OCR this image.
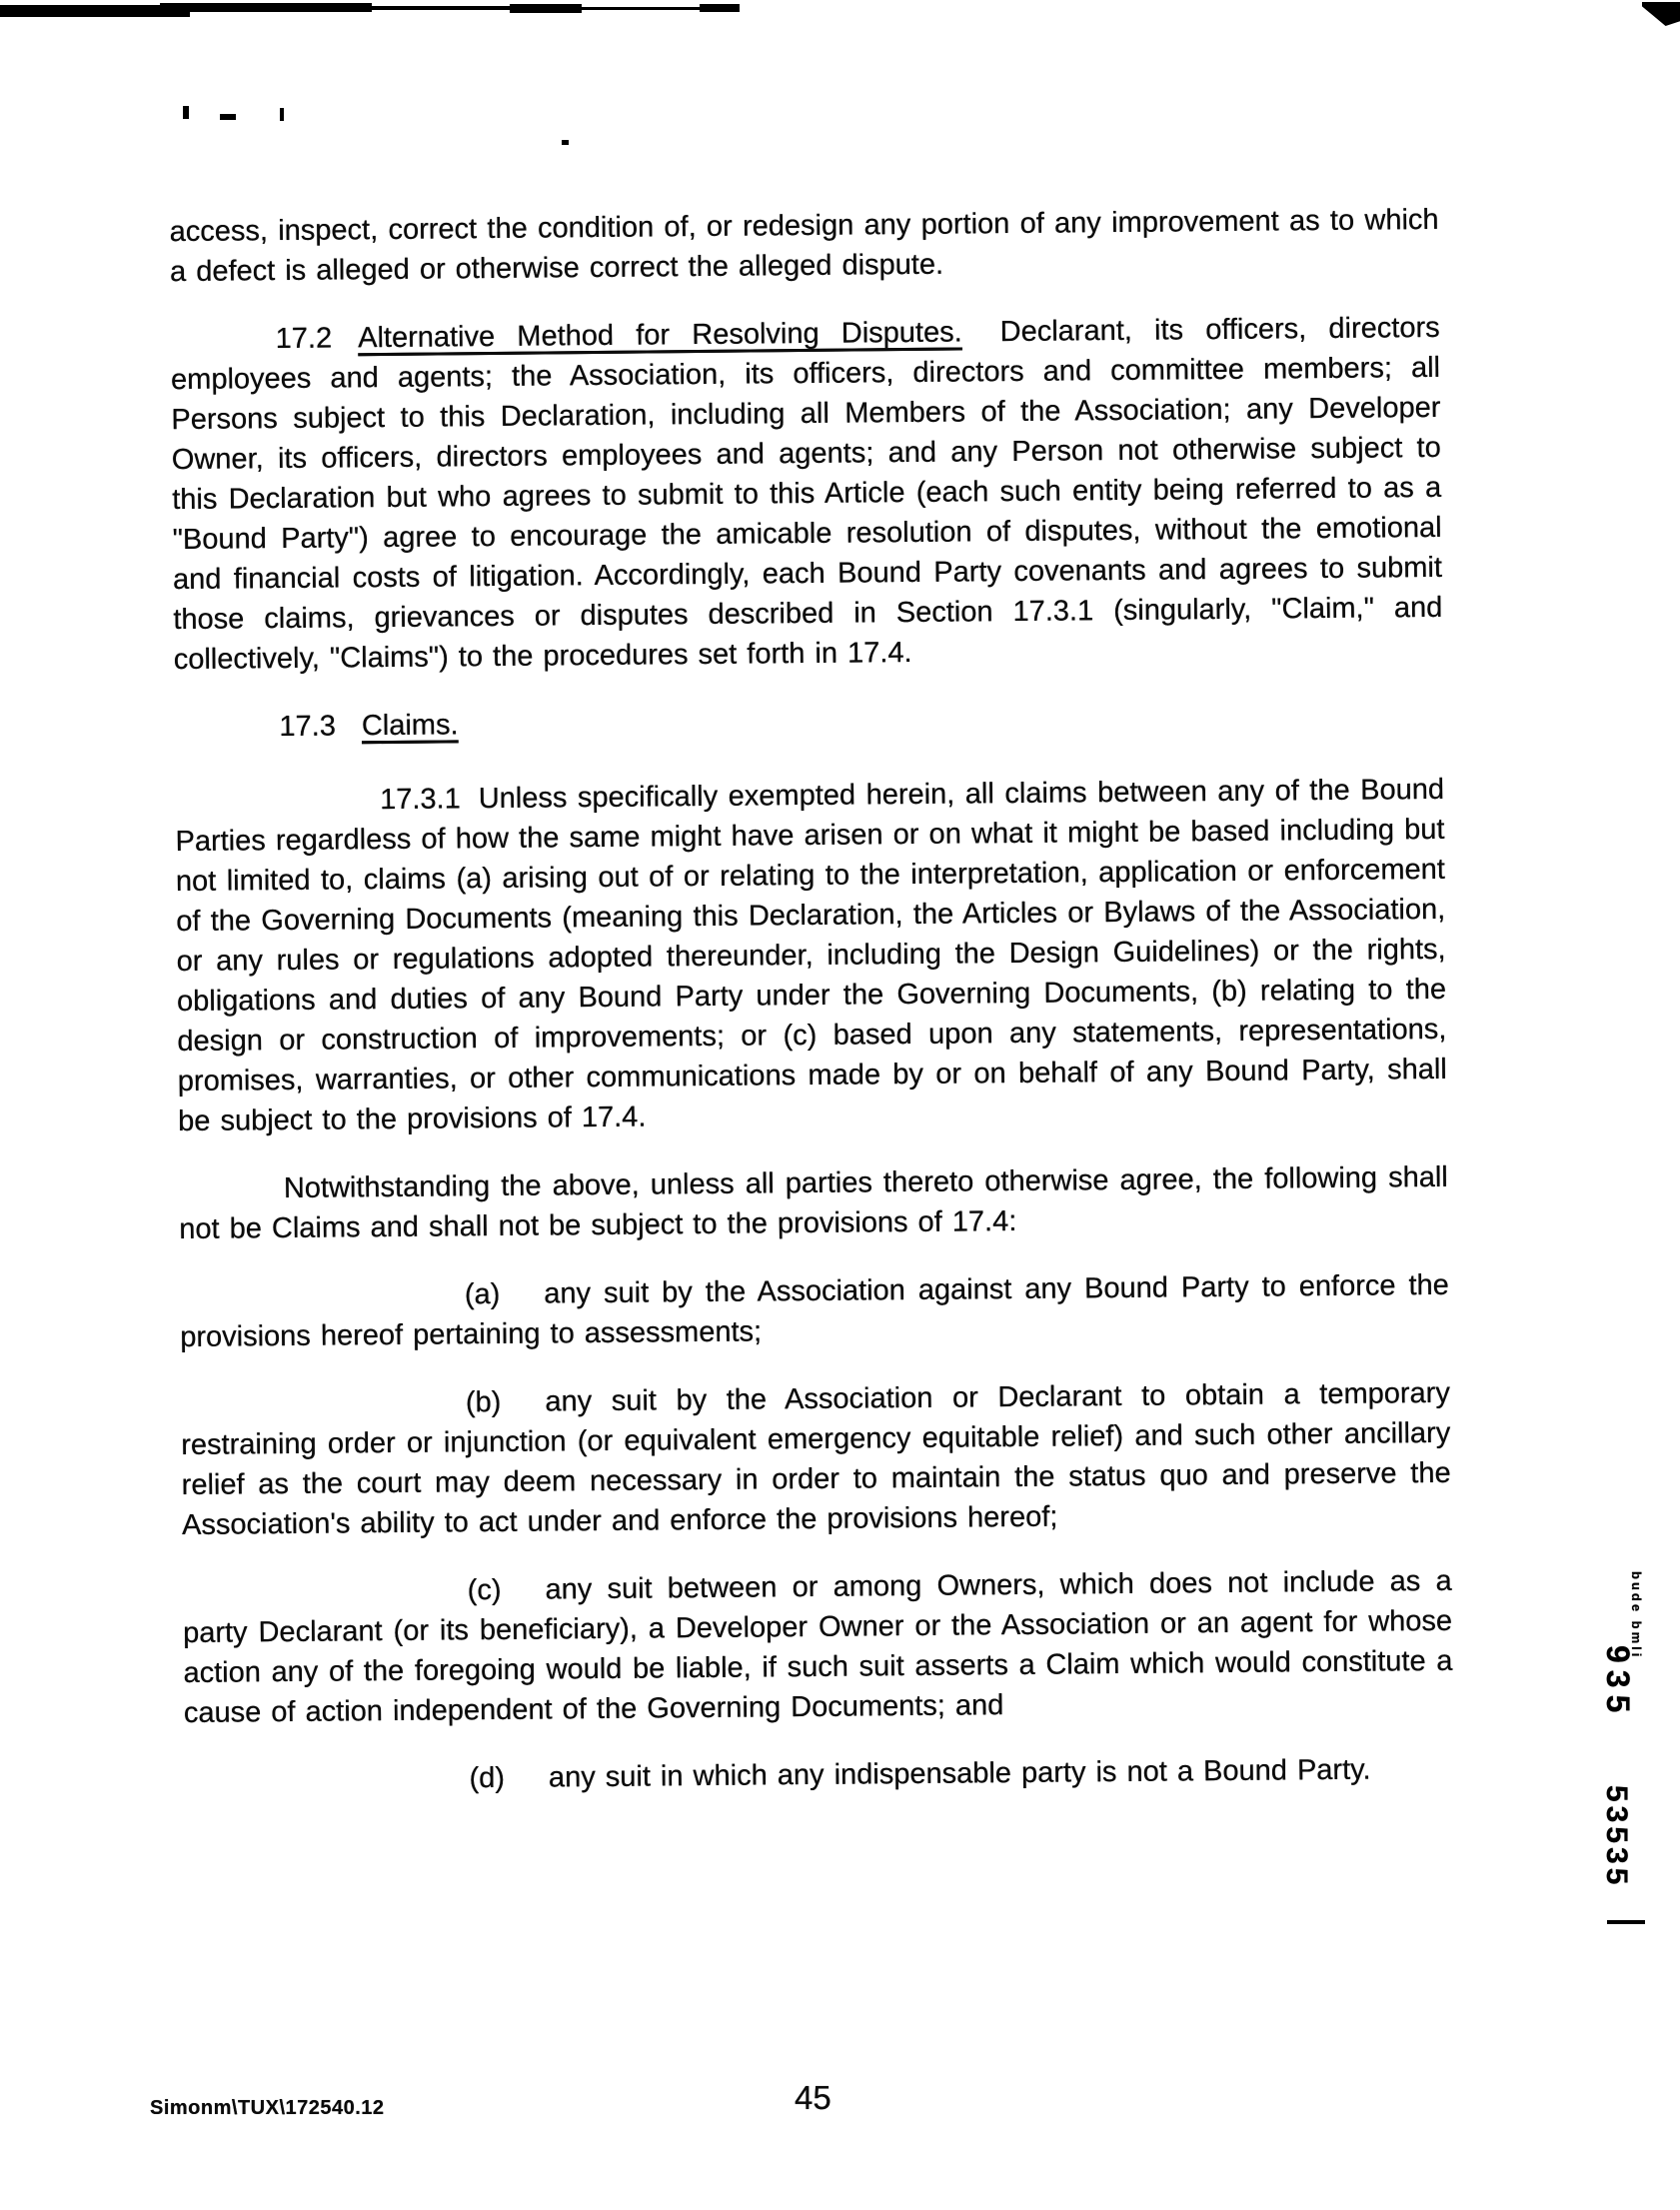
access, inspect, correct the condition of, or redesign any portion of any improvement as to which a defect is alleged or otherwise correct the alleged dispute.

17.2 Alternative Method for Resolving Disputes. Declarant, its officers, directors employees and agents; the Association, its officers, directors and committee members; all Persons subject to this Declaration, including all Members of the Association; any Developer Owner, its officers, directors employees and agents; and any Person not otherwise subject to this Declaration but who agrees to submit to this Article (each such entity being referred to as a "Bound Party") agree to encourage the amicable resolution of disputes, without the emotional and financial costs of litigation. Accordingly, each Bound Party covenants and agrees to submit those claims, grievances or disputes described in Section 17.3.1 (singularly, "Claim," and collectively, "Claims") to the procedures set forth in 17.4.

17.3 Claims.

17.3.1 Unless specifically exempted herein, all claims between any of the Bound Parties regardless of how the same might have arisen or on what it might be based including but not limited to, claims (a) arising out of or relating to the interpretation, application or enforcement of the Governing Documents (meaning this Declaration, the Articles or Bylaws of the Association, or any rules or regulations adopted thereunder, including the Design Guidelines) or the rights, obligations and duties of any Bound Party under the Governing Documents, (b) relating to the design or construction of improvements; or (c) based upon any statements, representations, promises, warranties, or other communications made by or on behalf of any Bound Party, shall be subject to the provisions of 17.4.

Notwithstanding the above, unless all parties thereto otherwise agree, the following shall not be Claims and shall not be subject to the provisions of 17.4:

(a) any suit by the Association against any Bound Party to enforce the provisions hereof pertaining to assessments;

(b) any suit by the Association or Declarant to obtain a temporary restraining order or injunction (or equivalent emergency equitable relief) and such other ancillary relief as the court may deem necessary in order to maintain the status quo and preserve the Association's ability to act under and enforce the provisions hereof;

(c) any suit between or among Owners, which does not include as a party Declarant (or its beneficiary), a Developer Owner or the Association or an agent for whose action any of the foregoing would be liable, if such suit asserts a Claim which would constitute a cause of action independent of the Governing Documents; and

(d) any suit in which any indispensable party is not a Bound Party.

bude bmli
935
53535
Simonm\TUX\172540.12	45
